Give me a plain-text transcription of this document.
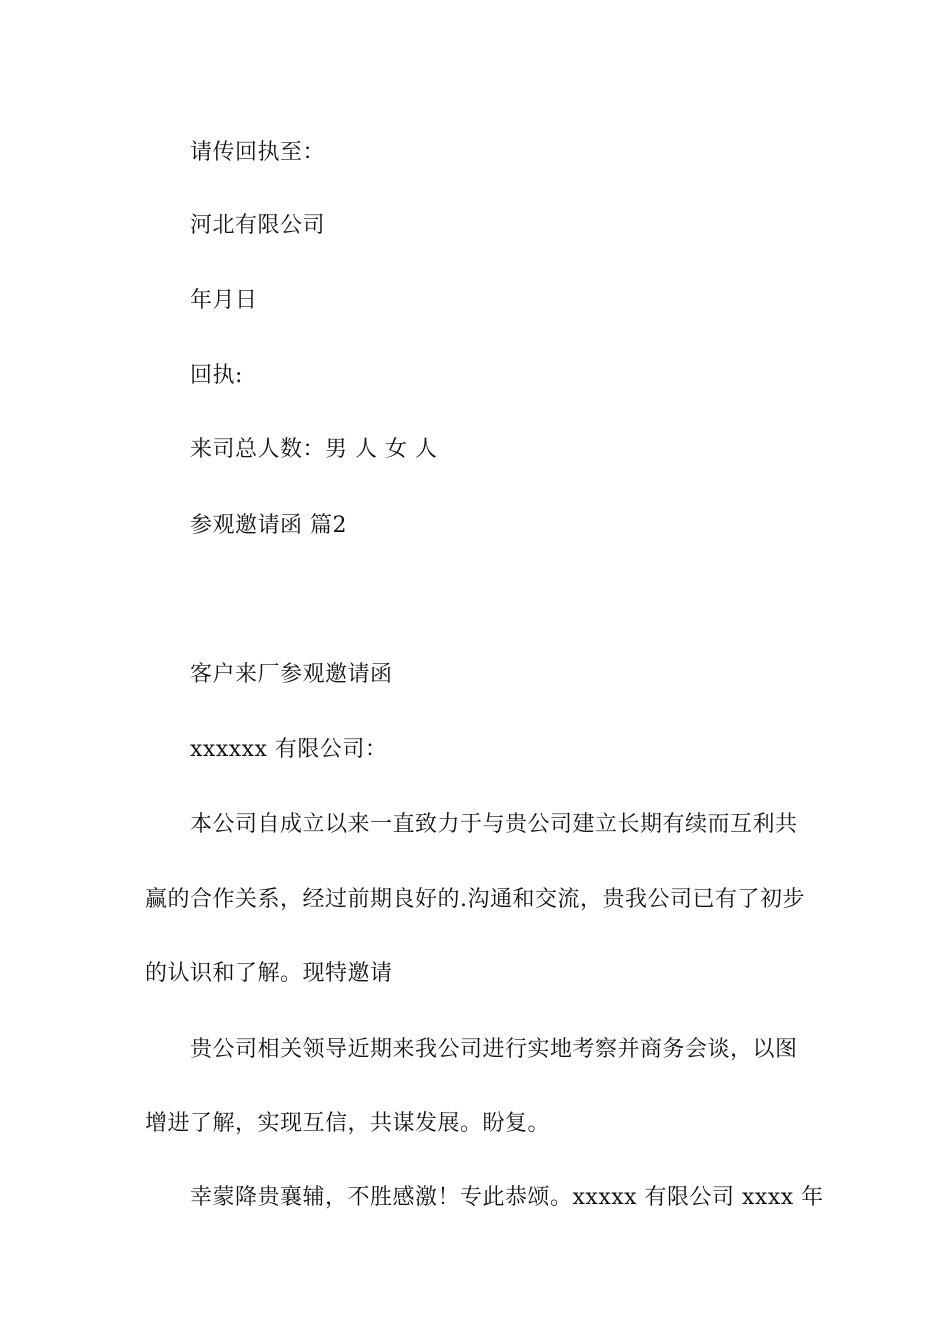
请传回执至：
河北有限公司
年月日
回执:
来司总人数：男 人 女 人
参观邀请函 篇2
客户来厂参观邀请函
xxxxxx 有限公司：
本公司自成立以来一直致力于与贵公司建立长期有续而互利共
赢的合作关系，经过前期良好的.沟通和交流，贵我公司已有了初步
的认识和了解。现特邀请
贵公司相关领导近期来我公司进行实地考察并商务会谈，以图
增进了解，实现互信，共谋发展。盼复。
幸蒙降贵襄辅，不胜感激！专此恭颂。xxxxx 有限公司 xxxx 年
